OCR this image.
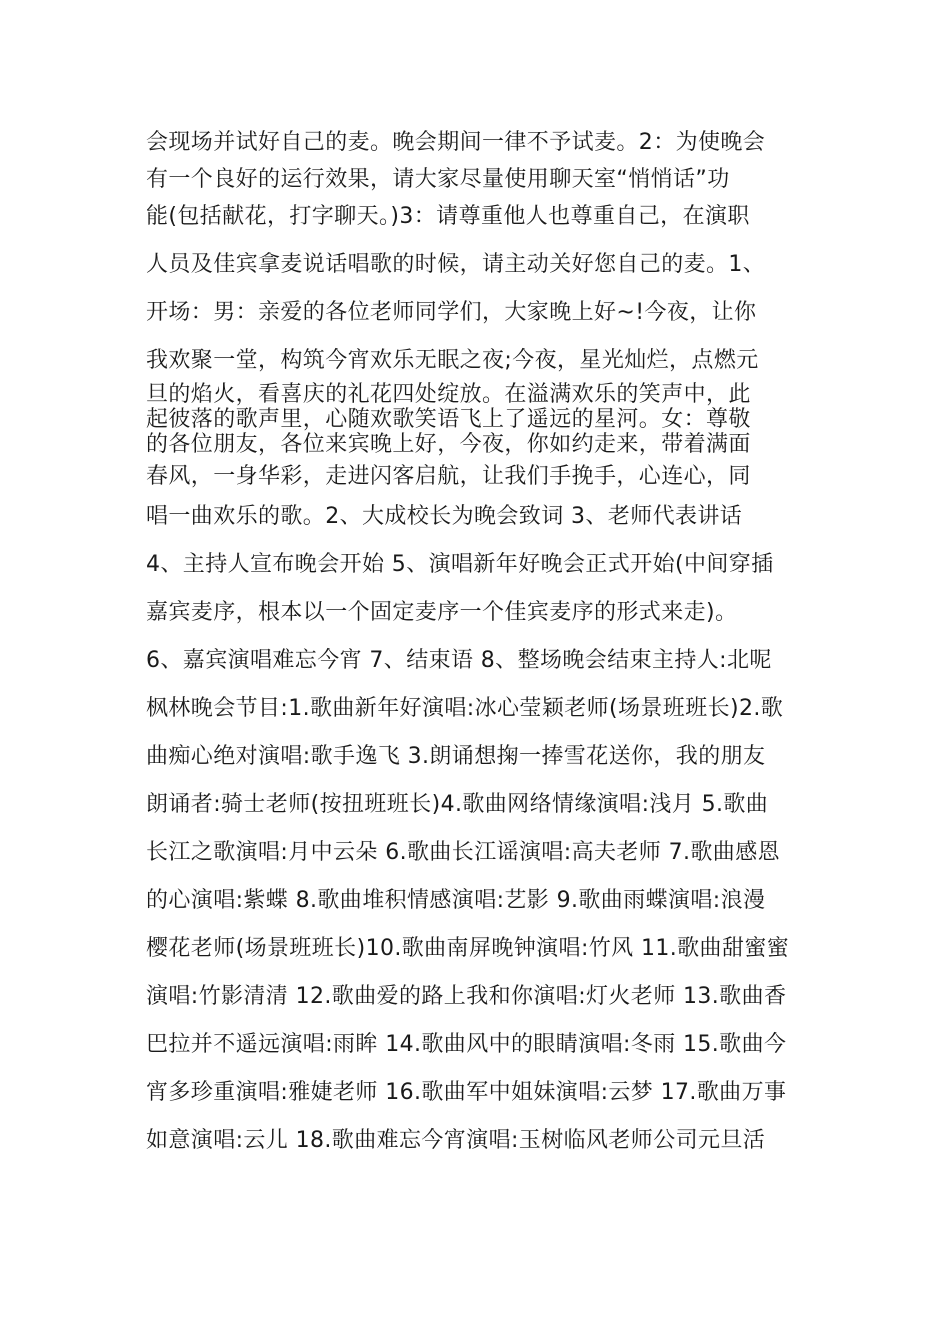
会现场并试好自己的麦。晚会期间一律不予试麦。2：为使晚会
有一个良好的运行效果，请大家尽量使用聊天室“悄悄话”功
能(包括献花，打字聊天。)3：请尊重他人也尊重自己，在演职
人员及佳宾拿麦说话唱歌的时候，请主动关好您自己的麦。1、
开场：男：亲爱的各位老师同学们，大家晚上好~!今夜，让你
我欢聚一堂，构筑今宵欢乐无眠之夜;今夜，星光灿烂，点燃元
旦的焰火，看喜庆的礼花四处绽放。在溢满欢乐的笑声中，此
起彼落的歌声里，心随欢歌笑语飞上了遥远的星河。女：尊敬
的各位朋友，各位来宾晚上好，今夜，你如约走来，带着满面
春风，一身华彩，走进闪客启航，让我们手挽手，心连心，同
唱一曲欢乐的歌。2、大成校长为晚会致词 3、老师代表讲话
4、主持人宣布晚会开始 5、演唱新年好晚会正式开始(中间穿插
嘉宾麦序，根本以一个固定麦序一个佳宾麦序的形式来走)。
6、嘉宾演唱难忘今宵 7、结束语 8、整场晚会结束主持人:北呢
枫林晚会节目:1.歌曲新年好演唱:冰心莹颖老师(场景班班长)2.歌
曲痴心绝对演唱:歌手逸飞 3.朗诵想掬一捧雪花送你，我的朋友
朗诵者:骑士老师(按扭班班长)4.歌曲网络情缘演唱:浅月 5.歌曲
长江之歌演唱:月中云朵 6.歌曲长江谣演唱:高夫老师 7.歌曲感恩
的心演唱:紫蝶 8.歌曲堆积情感演唱:艺影 9.歌曲雨蝶演唱:浪漫
樱花老师(场景班班长)10.歌曲南屏晚钟演唱:竹风 11.歌曲甜蜜蜜
演唱:竹影清清 12.歌曲爱的路上我和你演唱:灯火老师 13.歌曲香
巴拉并不遥远演唱:雨眸 14.歌曲风中的眼睛演唱:冬雨 15.歌曲今
宵多珍重演唱:雅婕老师 16.歌曲军中姐妹演唱:云梦 17.歌曲万事
如意演唱:云儿 18.歌曲难忘今宵演唱:玉树临风老师公司元旦活
